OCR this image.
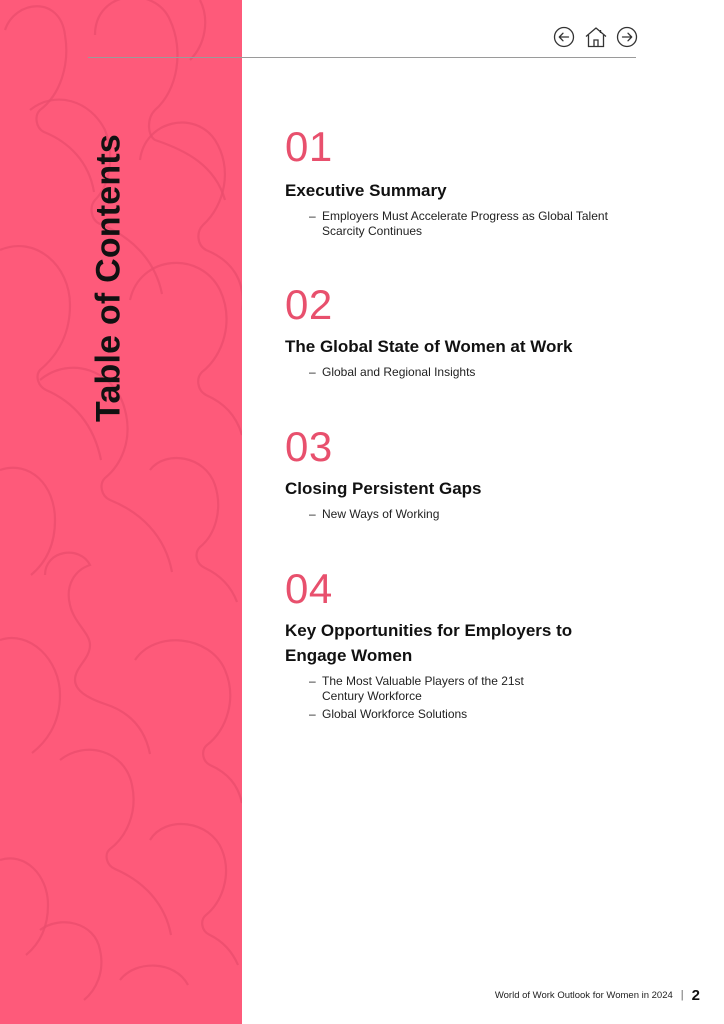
Table of Contents	01
Executive Summary
– Employers Must Accelerate Progress as Global Talent Scarcity Continues
02
The Global State of Women at Work
– Global and Regional Insights
03
Closing Persistent Gaps
– New Ways of Working
04
Key Opportunities for Employers to Engage Women
– The Most Valuable Players of the 21st Century Workforce
– Global Workforce Solutions
World of Work Outlook for Women in 2024 | 2
